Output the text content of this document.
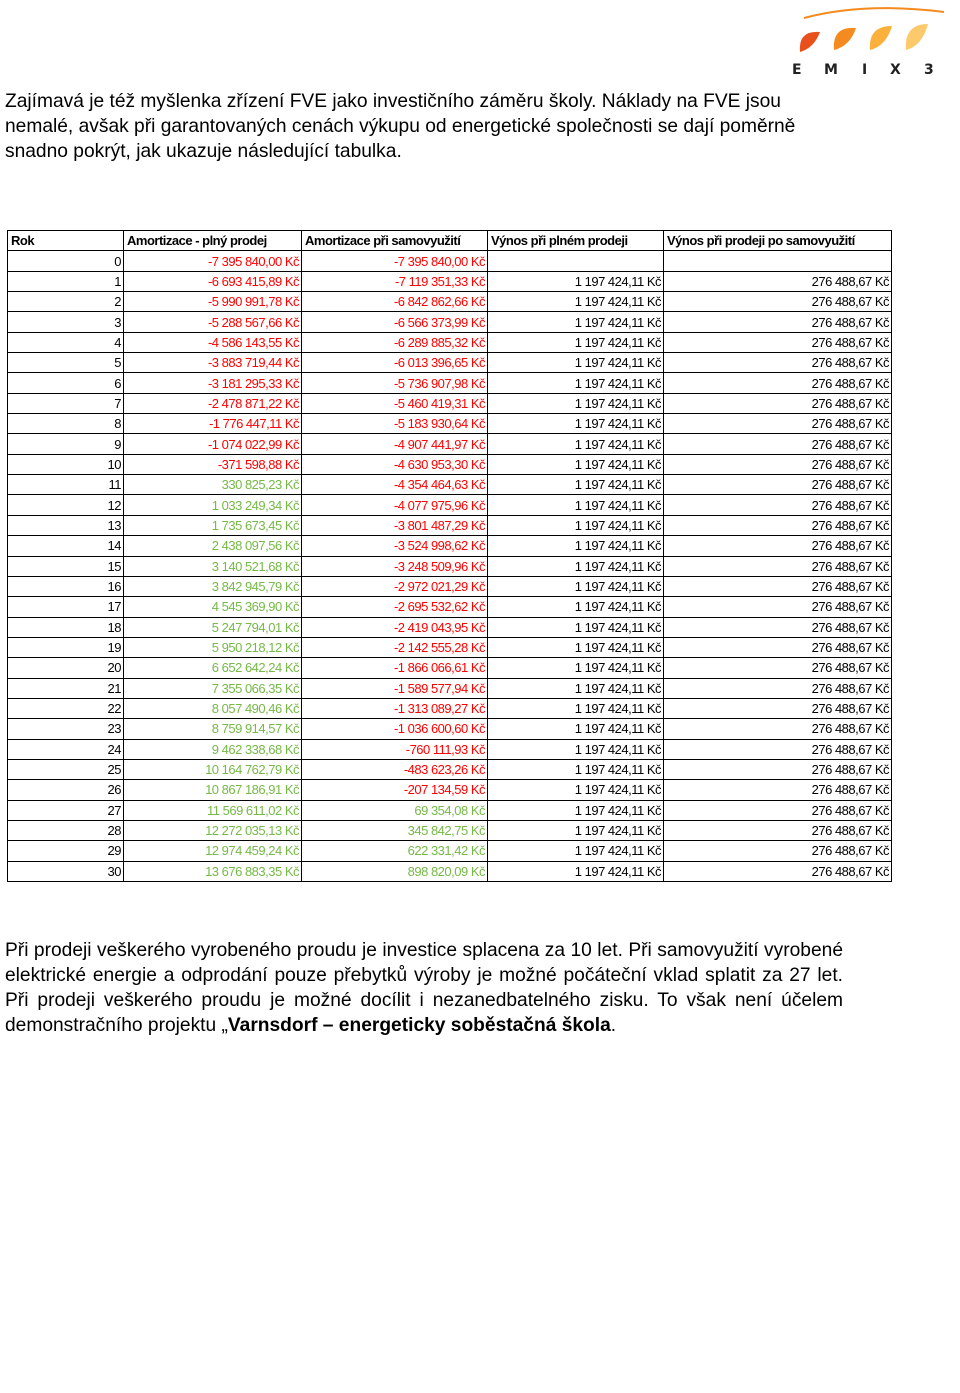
E M I X 3

Zajímavá je též myšlenka zřízení FVE jako investičního záměru školy. Náklady na FVE jsou nemalé, avšak při garantovaných cenách výkupu od energetické společnosti se dají poměrně snadno pokrýt, jak ukazuje následující tabulka.

Rok	Amortizace - plný prodej	Amortizace při samovyužití	Výnos při plném prodeji	Výnos při prodeji po samovyužití
0	-7 395 840,00 Kč	-7 395 840,00 Kč		
1	-6 693 415,89 Kč	-7 119 351,33 Kč	1 197 424,11 Kč	276 488,67 Kč
2	-5 990 991,78 Kč	-6 842 862,66 Kč	1 197 424,11 Kč	276 488,67 Kč
3	-5 288 567,66 Kč	-6 566 373,99 Kč	1 197 424,11 Kč	276 488,67 Kč
4	-4 586 143,55 Kč	-6 289 885,32 Kč	1 197 424,11 Kč	276 488,67 Kč
5	-3 883 719,44 Kč	-6 013 396,65 Kč	1 197 424,11 Kč	276 488,67 Kč
6	-3 181 295,33 Kč	-5 736 907,98 Kč	1 197 424,11 Kč	276 488,67 Kč
7	-2 478 871,22 Kč	-5 460 419,31 Kč	1 197 424,11 Kč	276 488,67 Kč
8	-1 776 447,11 Kč	-5 183 930,64 Kč	1 197 424,11 Kč	276 488,67 Kč
9	-1 074 022,99 Kč	-4 907 441,97 Kč	1 197 424,11 Kč	276 488,67 Kč
10	-371 598,88 Kč	-4 630 953,30 Kč	1 197 424,11 Kč	276 488,67 Kč
11	330 825,23 Kč	-4 354 464,63 Kč	1 197 424,11 Kč	276 488,67 Kč
12	1 033 249,34 Kč	-4 077 975,96 Kč	1 197 424,11 Kč	276 488,67 Kč
13	1 735 673,45 Kč	-3 801 487,29 Kč	1 197 424,11 Kč	276 488,67 Kč
14	2 438 097,56 Kč	-3 524 998,62 Kč	1 197 424,11 Kč	276 488,67 Kč
15	3 140 521,68 Kč	-3 248 509,96 Kč	1 197 424,11 Kč	276 488,67 Kč
16	3 842 945,79 Kč	-2 972 021,29 Kč	1 197 424,11 Kč	276 488,67 Kč
17	4 545 369,90 Kč	-2 695 532,62 Kč	1 197 424,11 Kč	276 488,67 Kč
18	5 247 794,01 Kč	-2 419 043,95 Kč	1 197 424,11 Kč	276 488,67 Kč
19	5 950 218,12 Kč	-2 142 555,28 Kč	1 197 424,11 Kč	276 488,67 Kč
20	6 652 642,24 Kč	-1 866 066,61 Kč	1 197 424,11 Kč	276 488,67 Kč
21	7 355 066,35 Kč	-1 589 577,94 Kč	1 197 424,11 Kč	276 488,67 Kč
22	8 057 490,46 Kč	-1 313 089,27 Kč	1 197 424,11 Kč	276 488,67 Kč
23	8 759 914,57 Kč	-1 036 600,60 Kč	1 197 424,11 Kč	276 488,67 Kč
24	9 462 338,68 Kč	-760 111,93 Kč	1 197 424,11 Kč	276 488,67 Kč
25	10 164 762,79 Kč	-483 623,26 Kč	1 197 424,11 Kč	276 488,67 Kč
26	10 867 186,91 Kč	-207 134,59 Kč	1 197 424,11 Kč	276 488,67 Kč
27	11 569 611,02 Kč	69 354,08 Kč	1 197 424,11 Kč	276 488,67 Kč
28	12 272 035,13 Kč	345 842,75 Kč	1 197 424,11 Kč	276 488,67 Kč
29	12 974 459,24 Kč	622 331,42 Kč	1 197 424,11 Kč	276 488,67 Kč
30	13 676 883,35 Kč	898 820,09 Kč	1 197 424,11 Kč	276 488,67 Kč

Při prodeji veškerého vyrobeného proudu je investice splacena za 10 let. Při samovyužití vyrobené elektrické energie a odprodání pouze přebytků výroby je možné počáteční vklad splatit za 27 let. Při prodeji veškerého proudu je možné docílit i nezanedbatelného zisku. To však není účelem demonstračního projektu „Varnsdorf – energeticky soběstačná škola.
